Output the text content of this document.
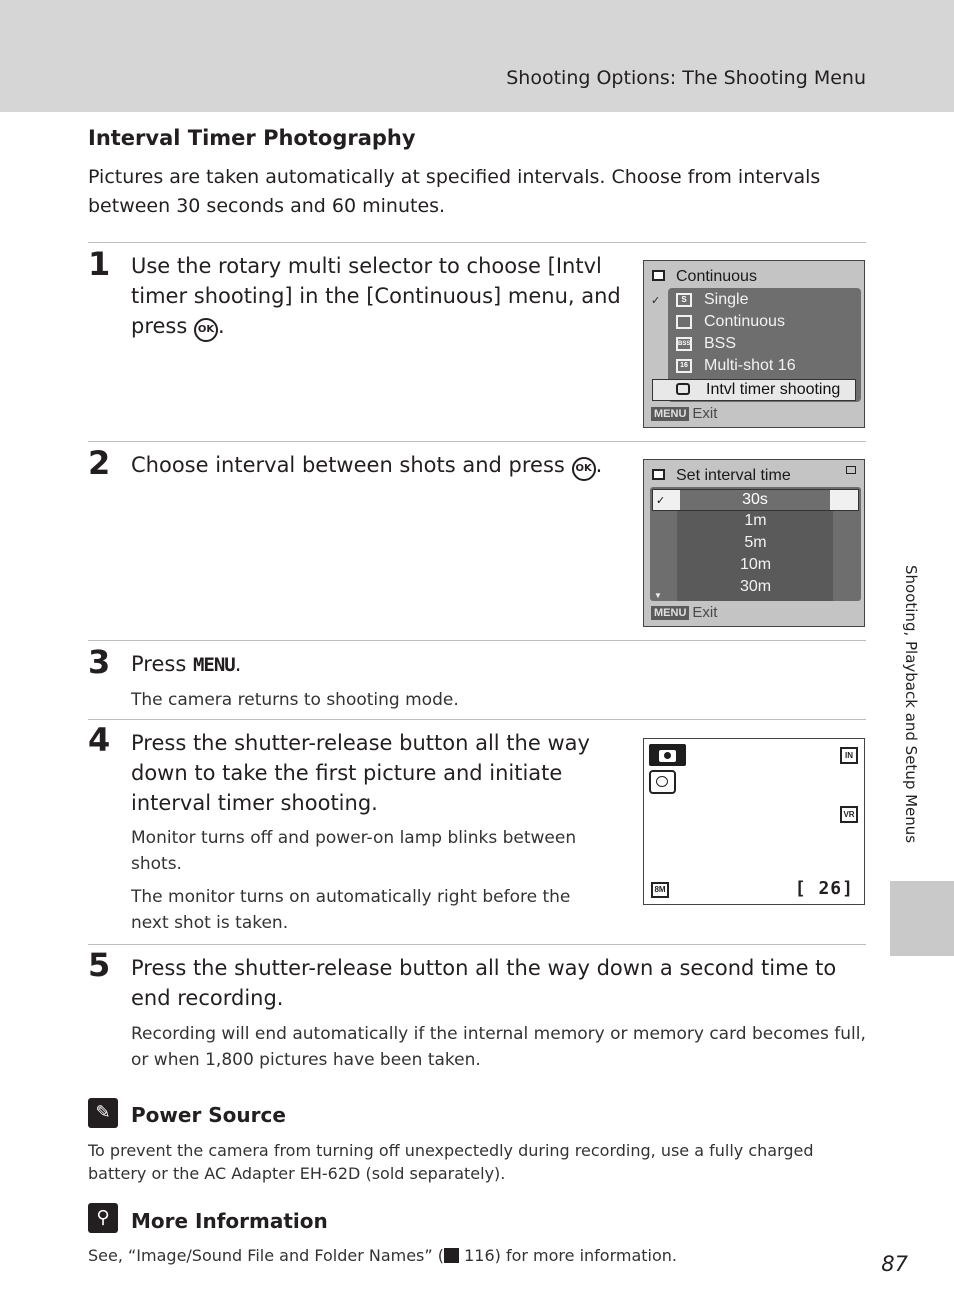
Shooting Options: The Shooting Menu
Shooting, Playback and Setup Menus
Interval Timer Photography
Pictures are taken automatically at specified intervals. Choose from intervals between 30 seconds and 60 minutes.
1 Use the rotary multi selector to choose [Intvl timer shooting] in the [Continuous] menu, and press OK .
Continuous
✓	S	Single
Continuous
BSS BSS
16 Multi-shot 16
Intvl timer shooting
MENU Exit
2 Choose interval between shots and press OK .	Set interval time
1m
5m
10m
30m
▼
✓	30s
MENU Exit
3 Press MENU.
The camera returns to shooting mode.
4 Press the shutter-release button all the way down to take the first picture and initiate interval timer shooting.
Monitor turns off and power-on lamp blinks between shots.
The monitor turns on automatically right before the next shot is taken.
IN
VR
8M	[ 26]
5 Press the shutter-release button all the way down a second time to end recording.
Recording will end automatically if the internal memory or memory card becomes full, or when 1,800 pictures have been taken.
✎	Power Source
To prevent the camera from turning off unexpectedly during recording, use a fully charged battery or the AC Adapter EH-62D (sold separately).
⚲	More Information
See, “Image/Sound File and Folder Names” ( 116) for more information.	87
